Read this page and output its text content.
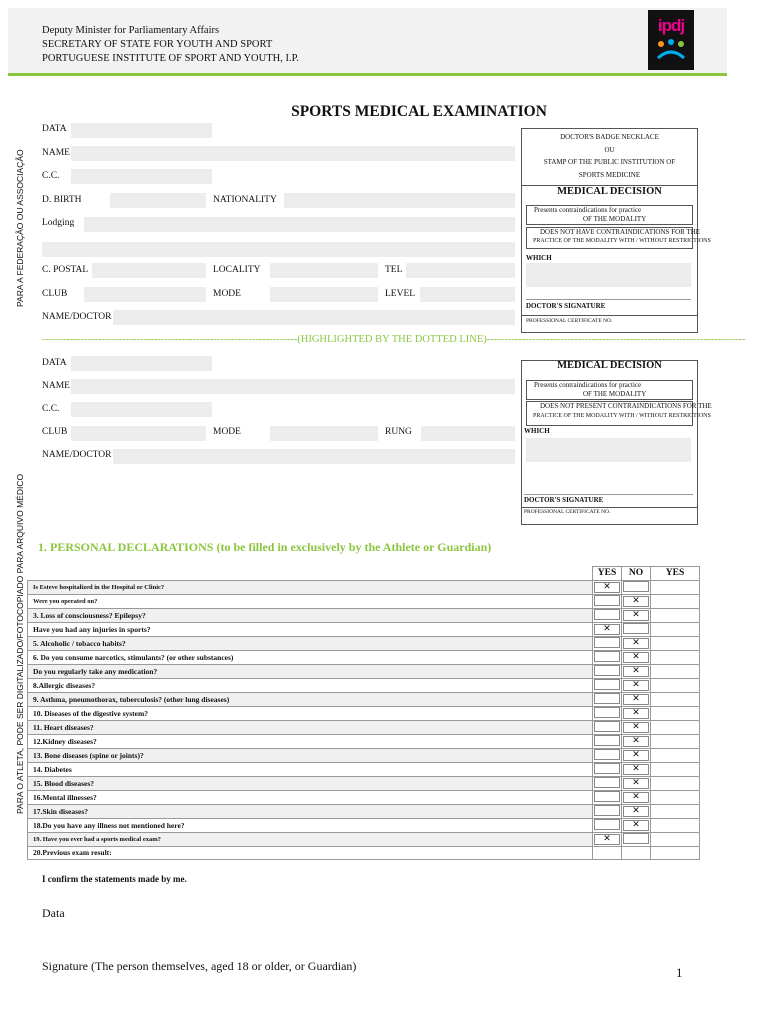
Deputy Minister for Parliamentary Affairs
SECRETARY OF STATE FOR YOUTH AND SPORT
PORTUGUESE INSTITUTE OF SPORT AND YOUTH, I.P.
ipdj
SPORTS MEDICAL EXAMINATION
PARA A FEDERAÇÃO OU ASSOCIAÇÃO
PARA O ATLETA, PODE SER DIGITALIZADO/FOTOCOPIADO PARA ARQUIVO MÉDICO
DATA
NAME
C.C.
D. BIRTH	NATIONALITY
Lodging
C. POSTAL	LOCALITY	TEL
CLUB	MODE	LEVEL
NAME/DOCTOR
DOCTOR'S BADGE NECKLACE
OU
STAMP OF THE PUBLIC INSTITUTION OF
SPORTS MEDICINE
MEDICAL DECISION
Presents contraindications for practice
OF THE MODALITY
DOES NOT HAVE CONTRAINDICATIONS FOR THE
PRACTICE OF THE MODALITY WITH / WITHOUT RESTRICTIONS
WHICH
DOCTOR'S SIGNATURE
PROFESSIONAL CERTIFICATE NO.
-------------------------------------------------------------------------(HIGHLIGHTED BY THE DOTTED LINE)--------------------------------------------------------------------------
DATA
NAME
C.C.
CLUB	MODE	RUNG
NAME/DOCTOR
MEDICAL DECISION
Presents contraindications for practice
OF THE MODALITY
DOES NOT PRESENT CONTRAINDICATIONS FOR THE
PRACTICE OF THE MODALITY WITH / WITHOUT RESTRICTIONS
WHICH
DOCTOR'S SIGNATURE
PROFESSIONAL CERTIFICATE NO.
1. PERSONAL DECLARATIONS (to be filled in exclusively by the Athlete or Guardian)
	YES	NO	YES
Is Esteve hospitalized in the Hospital or Clinic?	✕		
Were you operated on?		✕	
3. Loss of consciousness? Epilepsy?		✕	
Have you had any injuries in sports?	✕		
5. Alcoholic / tobacco habits?		✕	
6. Do you consume narcotics, stimulants? (or other substances)		✕	
Do you regularly take any medication?		✕	
8.Allergic diseases?		✕	
9. Asthma, pneumothorax, tuberculosis? (other lung diseases)		✕	
10. Diseases of the digestive system?		✕	
11. Heart diseases?		✕	
12.Kidney diseases?		✕	
13. Bone diseases (spine or joints)?		✕	
14. Diabetes		✕	
15. Blood diseases?		✕	
16.Mental illnesses?		✕	
17.Skin diseases?		✕	
18.Do you have any illness not mentioned here?		✕	
19. Have you ever had a sports medical exam?	✕		
20.Previous exam result:			
I confirm the statements made by me.
Data
Signature (The person themselves, aged 18 or older, or Guardian)	1
